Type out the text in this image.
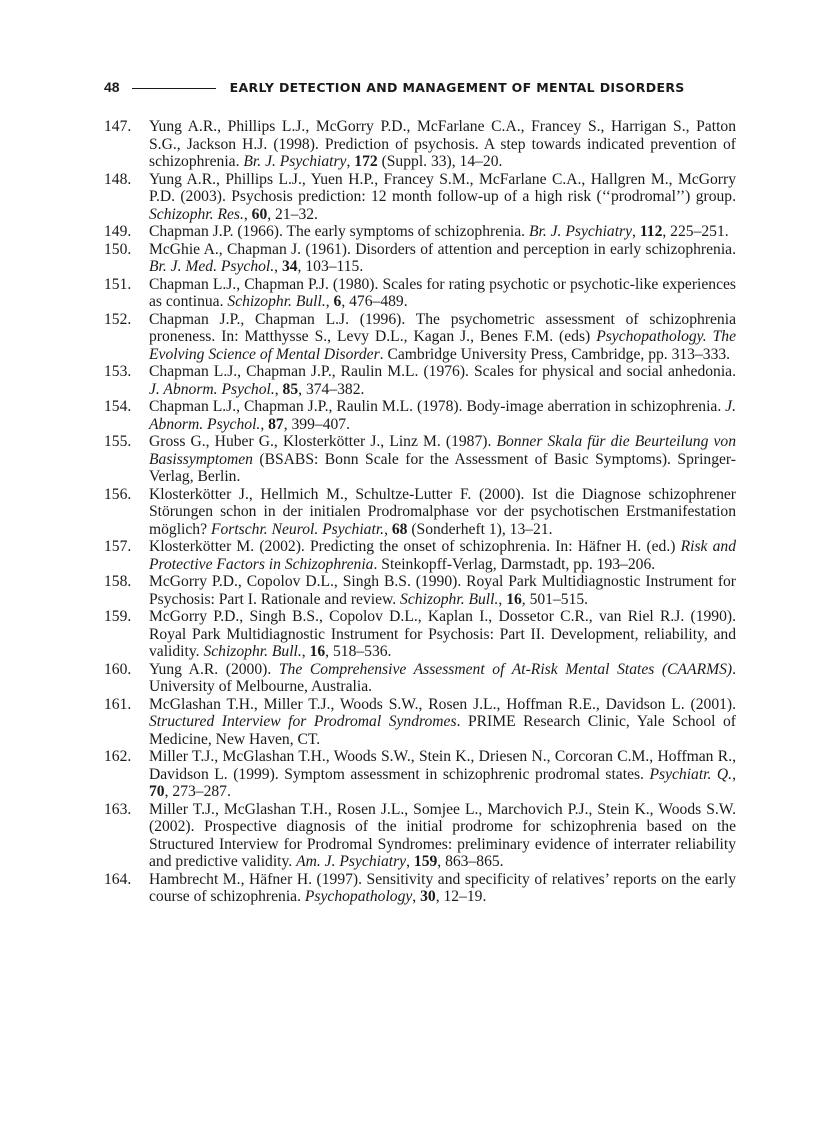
48	EARLY DETECTION AND MANAGEMENT OF MENTAL DISORDERS
147.	Yung A.R., Phillips L.J., McGorry P.D., McFarlane C.A., Francey S., Harrigan S., Patton S.G., Jackson H.J. (1998). Prediction of psychosis. A step towards indicated prevention of schizophrenia. Br. J. Psychiatry, 172 (Suppl. 33), 14–20.
148.	Yung A.R., Phillips L.J., Yuen H.P., Francey S.M., McFarlane C.A., Hallgren M., McGorry P.D. (2003). Psychosis prediction: 12 month follow-up of a high risk (‘‘prodromal’’) group. Schizophr. Res., 60, 21–32.
149.	Chapman J.P. (1966). The early symptoms of schizophrenia. Br. J. Psychiatry, 112, 225–251.
150.	McGhie A., Chapman J. (1961). Disorders of attention and perception in early schizophrenia. Br. J. Med. Psychol., 34, 103–115.
151.	Chapman L.J., Chapman P.J. (1980). Scales for rating psychotic or psychotic-like experiences as continua. Schizophr. Bull., 6, 476–489.
152.	Chapman J.P., Chapman L.J. (1996). The psychometric assessment of schizophrenia proneness. In: Matthysse S., Levy D.L., Kagan J., Benes F.M. (eds) Psychopathology. The Evolving Science of Mental Disorder. Cambridge University Press, Cambridge, pp. 313–333.
153.	Chapman L.J., Chapman J.P., Raulin M.L. (1976). Scales for physical and social anhedonia. J. Abnorm. Psychol., 85, 374–382.
154.	Chapman L.J., Chapman J.P., Raulin M.L. (1978). Body-image aberration in schizophrenia. J. Abnorm. Psychol., 87, 399–407.
155.	Gross G., Huber G., Klosterkötter J., Linz M. (1987). Bonner Skala für die Beurteilung von Basissymptomen (BSABS: Bonn Scale for the Assessment of Basic Symptoms). Springer-Verlag, Berlin.
156.	Klosterkötter J., Hellmich M., Schultze-Lutter F. (2000). Ist die Diagnose schizophrener Störungen schon in der initialen Prodromalphase vor der psychotischen Erstmanifestation möglich? Fortschr. Neurol. Psychiatr., 68 (Sonderheft 1), 13–21.
157.	Klosterkötter M. (2002). Predicting the onset of schizophrenia. In: Häfner H. (ed.) Risk and Protective Factors in Schizophrenia. Steinkopff-Verlag, Darmstadt, pp. 193–206.
158.	McGorry P.D., Copolov D.L., Singh B.S. (1990). Royal Park Multidiagnostic Instrument for Psychosis: Part I. Rationale and review. Schizophr. Bull., 16, 501–515.
159.	McGorry P.D., Singh B.S., Copolov D.L., Kaplan I., Dossetor C.R., van Riel R.J. (1990). Royal Park Multidiagnostic Instrument for Psychosis: Part II. Development, reliability, and validity. Schizophr. Bull., 16, 518–536.
160.	Yung A.R. (2000). The Comprehensive Assessment of At-Risk Mental States (CAARMS). University of Melbourne, Australia.
161.	McGlashan T.H., Miller T.J., Woods S.W., Rosen J.L., Hoffman R.E., Davidson L. (2001). Structured Interview for Prodromal Syndromes. PRIME Research Clinic, Yale School of Medicine, New Haven, CT.
162.	Miller T.J., McGlashan T.H., Woods S.W., Stein K., Driesen N., Corcoran C.M., Hoffman R., Davidson L. (1999). Symptom assessment in schizophrenic prodromal states. Psychiatr. Q., 70, 273–287.
163.	Miller T.J., McGlashan T.H., Rosen J.L., Somjee L., Marchovich P.J., Stein K., Woods S.W. (2002). Prospective diagnosis of the initial prodrome for schizophrenia based on the Structured Interview for Prodromal Syndromes: preliminary evidence of interrater reliability and predictive validity. Am. J. Psychiatry, 159, 863–865.
164.	Hambrecht M., Häfner H. (1997). Sensitivity and specificity of relatives’ reports on the early course of schizophrenia. Psychopathology, 30, 12–19.
